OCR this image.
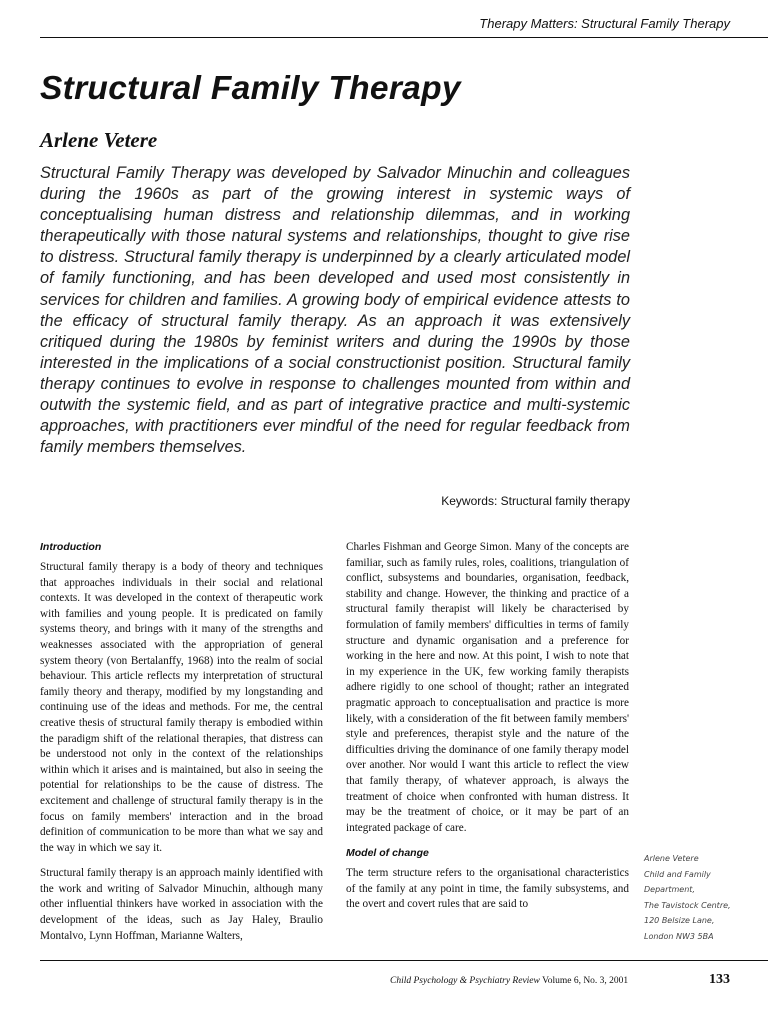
Therapy Matters: Structural Family Therapy
Structural Family Therapy
Arlene Vetere

Structural Family Therapy was developed by Salvador Minuchin and colleagues during the 1960s as part of the growing interest in systemic ways of conceptualising human distress and relationship dilemmas, and in working therapeutically with those natural systems and relationships, thought to give rise to distress. Structural family therapy is underpinned by a clearly articulated model of family functioning, and has been developed and used most consistently in services for children and families. A growing body of empirical evidence attests to the efficacy of structural family therapy. As an approach it was extensively critiqued during the 1980s by feminist writers and during the 1990s by those interested in the implications of a social constructionist position. Structural family therapy continues to evolve in response to challenges mounted from within and outwith the systemic field, and as part of integrative practice and multi-systemic approaches, with practitioners ever mindful of the need for regular feedback from family members themselves.

Keywords: Structural family therapy
Introduction

Structural family therapy is a body of theory and techniques that approaches individuals in their social and relational contexts. It was developed in the context of therapeutic work with families and young people. It is predicated on family systems theory, and brings with it many of the strengths and weaknesses associated with the appropriation of general system theory (von Bertalanffy, 1968) into the realm of social behaviour. This article reflects my interpretation of structural family theory and therapy, modified by my longstanding and continuing use of the ideas and methods. For me, the central creative thesis of structural family therapy is embodied within the paradigm shift of the relational therapies, that distress can be understood not only in the context of the relationships within which it arises and is maintained, but also in seeing the potential for relationships to be the cause of distress. The excitement and challenge of structural family therapy is in the focus on family members' interaction and in the broad definition of communication to be more than what we say and the way in which we say it.

Structural family therapy is an approach mainly identified with the work and writing of Salvador Minuchin, although many other influential thinkers have worked in association with the development of the ideas, such as Jay Haley, Braulio Montalvo, Lynn Hoffman, Marianne Walters,

Charles Fishman and George Simon. Many of the concepts are familiar, such as family rules, roles, coalitions, triangulation of conflict, subsystems and boundaries, organisation, feedback, stability and change. However, the thinking and practice of a structural family therapist will likely be characterised by formulation of family members' difficulties in terms of family structure and dynamic organisation and a preference for working in the here and now. At this point, I wish to note that in my experience in the UK, few working family therapists adhere rigidly to one school of thought; rather an integrated pragmatic approach to conceptualisation and practice is more likely, with a consideration of the fit between family members' style and preferences, therapist style and the nature of the difficulties driving the dominance of one family therapy model over another. Nor would I want this article to reflect the view that family therapy, of whatever approach, is always the treatment of choice when confronted with human distress. It may be the treatment of choice, or it may be part of an integrated package of care.

Model of change

The term structure refers to the organisational characteristics of the family at any point in time, the family subsystems, and the overt and covert rules that are said to

Arlene Vetere
Child and Family
Department,
The Tavistock Centre,
120 Belsize Lane,
London NW3 5BA
Child Psychology & Psychiatry Review Volume 6, No. 3, 2001	133
